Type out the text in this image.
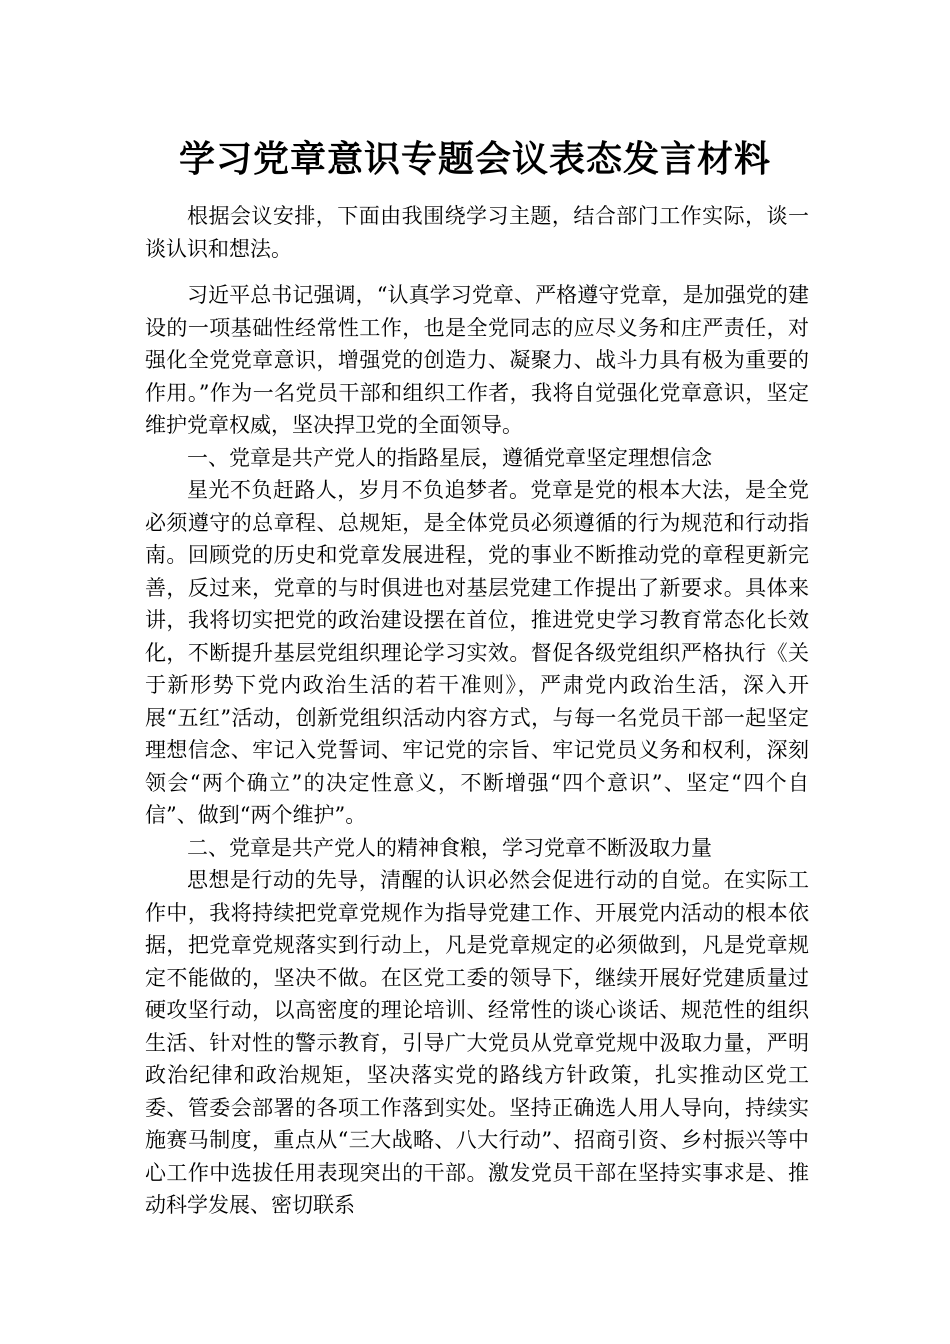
学习党章意识专题会议表态发言材料

根据会议安排，下面由我围绕学习主题，结合部门工作实际，谈一谈认识和想法。

习近平总书记强调，“认真学习党章、严格遵守党章，是加强党的建设的一项基础性经常性工作，也是全党同志的应尽义务和庄严责任，对强化全党党章意识，增强党的创造力、凝聚力、战斗力具有极为重要的作用。”作为一名党员干部和组织工作者，我将自觉强化党章意识，坚定维护党章权威，坚决捍卫党的全面领导。

一、党章是共产党人的指路星辰，遵循党章坚定理想信念

星光不负赶路人，岁月不负追梦者。党章是党的根本大法，是全党必须遵守的总章程、总规矩，是全体党员必须遵循的行为规范和行动指南。回顾党的历史和党章发展进程，党的事业不断推动党的章程更新完善，反过来，党章的与时俱进也对基层党建工作提出了新要求。具体来讲，我将切实把党的政治建设摆在首位，推进党史学习教育常态化长效化，不断提升基层党组织理论学习实效。督促各级党组织严格执行《关于新形势下党内政治生活的若干准则》，严肃党内政治生活，深入开展“五红”活动，创新党组织活动内容方式，与每一名党员干部一起坚定理想信念、牢记入党誓词、牢记党的宗旨、牢记党员义务和权利，深刻领会“两个确立”的决定性意义，不断增强“四个意识”、坚定“四个自信”、做到“两个维护”。

二、党章是共产党人的精神食粮，学习党章不断汲取力量

思想是行动的先导，清醒的认识必然会促进行动的自觉。在实际工作中，我将持续把党章党规作为指导党建工作、开展党内活动的根本依据，把党章党规落实到行动上，凡是党章规定的必须做到，凡是党章规定不能做的，坚决不做。在区党工委的领导下，继续开展好党建质量过硬攻坚行动，以高密度的理论培训、经常性的谈心谈话、规范性的组织生活、针对性的警示教育，引导广大党员从党章党规中汲取力量，严明政治纪律和政治规矩，坚决落实党的路线方针政策，扎实推动区党工委、管委会部署的各项工作落到实处。坚持正确选人用人导向，持续实施赛马制度，重点从“三大战略、八大行动”、招商引资、乡村振兴等中心工作中选拔任用表现突出的干部。激发党员干部在坚持实事求是、推动科学发展、密切联系
